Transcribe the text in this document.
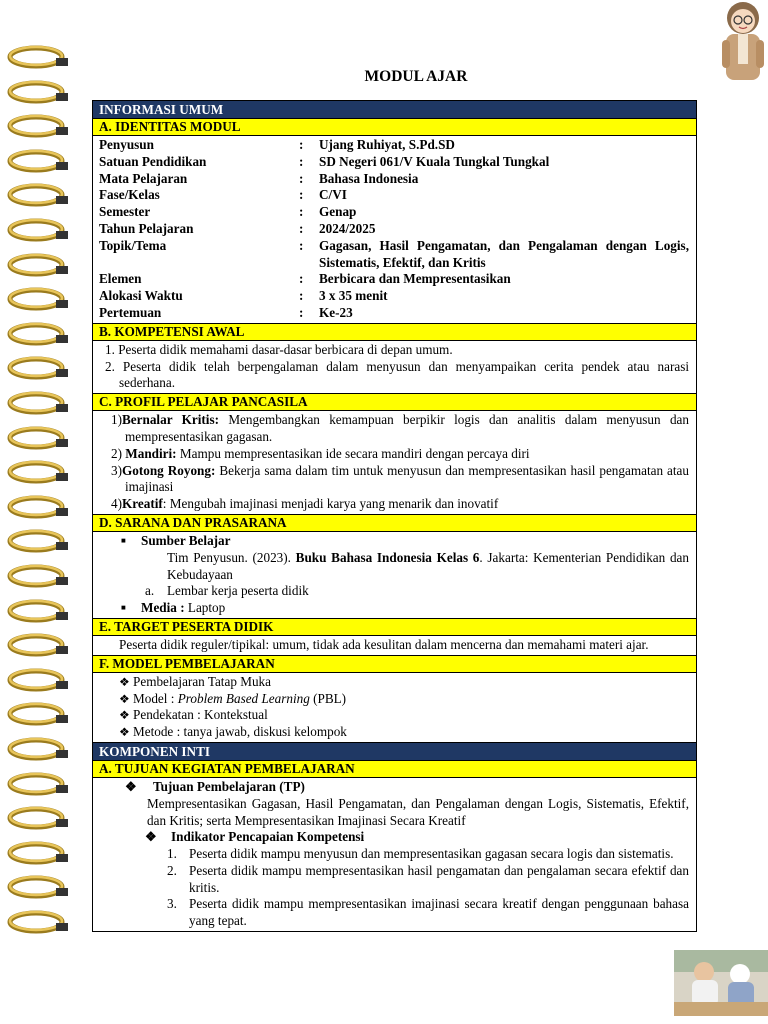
MODUL AJAR
INFORMASI UMUM
A. IDENTITAS MODUL
Penyusun	:	Ujang Ruhiyat, S.Pd.SD
Satuan Pendidikan	:	SD Negeri 061/V Kuala Tungkal Tungkal
Mata Pelajaran	:	Bahasa Indonesia
Fase/Kelas	:	C/VI
Semester	:	Genap
Tahun Pelajaran	:	2024/2025
Topik/Tema	:	Gagasan, Hasil Pengamatan, dan Pengalaman dengan Logis, Sistematis, Efektif, dan Kritis
Elemen	:	Berbicara dan Mempresentasikan
Alokasi Waktu	:	3 x 35 menit
Pertemuan	:	Ke-23
B. KOMPETENSI AWAL
1. Peserta didik memahami dasar-dasar berbicara di depan umum.
2. Peserta didik telah berpengalaman dalam menyusun dan menyampaikan cerita pendek atau narasi sederhana.
C. PROFIL PELAJAR PANCASILA
1)Bernalar Kritis: Mengembangkan kemampuan berpikir logis dan analitis dalam menyusun dan mempresentasikan gagasan.
2) Mandiri: Mampu mempresentasikan ide secara mandiri dengan percaya diri
3)Gotong Royong: Bekerja sama dalam tim untuk menyusun dan mempresentasikan hasil pengamatan atau imajinasi
4)Kreatif: Mengubah imajinasi menjadi karya yang menarik dan inovatif
D. SARANA DAN PRASARANA
■	Sumber Belajar
Tim Penyusun. (2023). Buku Bahasa Indonesia Kelas 6. Jakarta: Kementerian Pendidikan dan Kebudayaan
a. Lembar kerja peserta didik
■	Media : Laptop
E. TARGET PESERTA DIDIK
Peserta didik reguler/tipikal: umum, tidak ada kesulitan dalam mencerna dan memahami materi ajar.
F. MODEL PEMBELAJARAN
❖ Pembelajaran Tatap Muka
❖ Model : Problem Based Learning (PBL)
❖ Pendekatan : Kontekstual
❖ Metode : tanya jawab, diskusi kelompok
KOMPONEN INTI
A. TUJUAN KEGIATAN PEMBELAJARAN
❖	Tujuan Pembelajaran (TP)
Mempresentasikan Gagasan, Hasil Pengamatan, dan Pengalaman dengan Logis, Sistematis, Efektif, dan Kritis; serta Mempresentasikan Imajinasi Secara Kreatif
❖	Indikator Pencapaian Kompetensi
1. Peserta didik mampu menyusun dan mempresentasikan gagasan secara logis dan sistematis.
2. Peserta didik mampu mempresentasikan hasil pengamatan dan pengalaman secara efektif dan kritis.
3. Peserta didik mampu mempresentasikan imajinasi secara kreatif dengan penggunaan bahasa yang tepat.
